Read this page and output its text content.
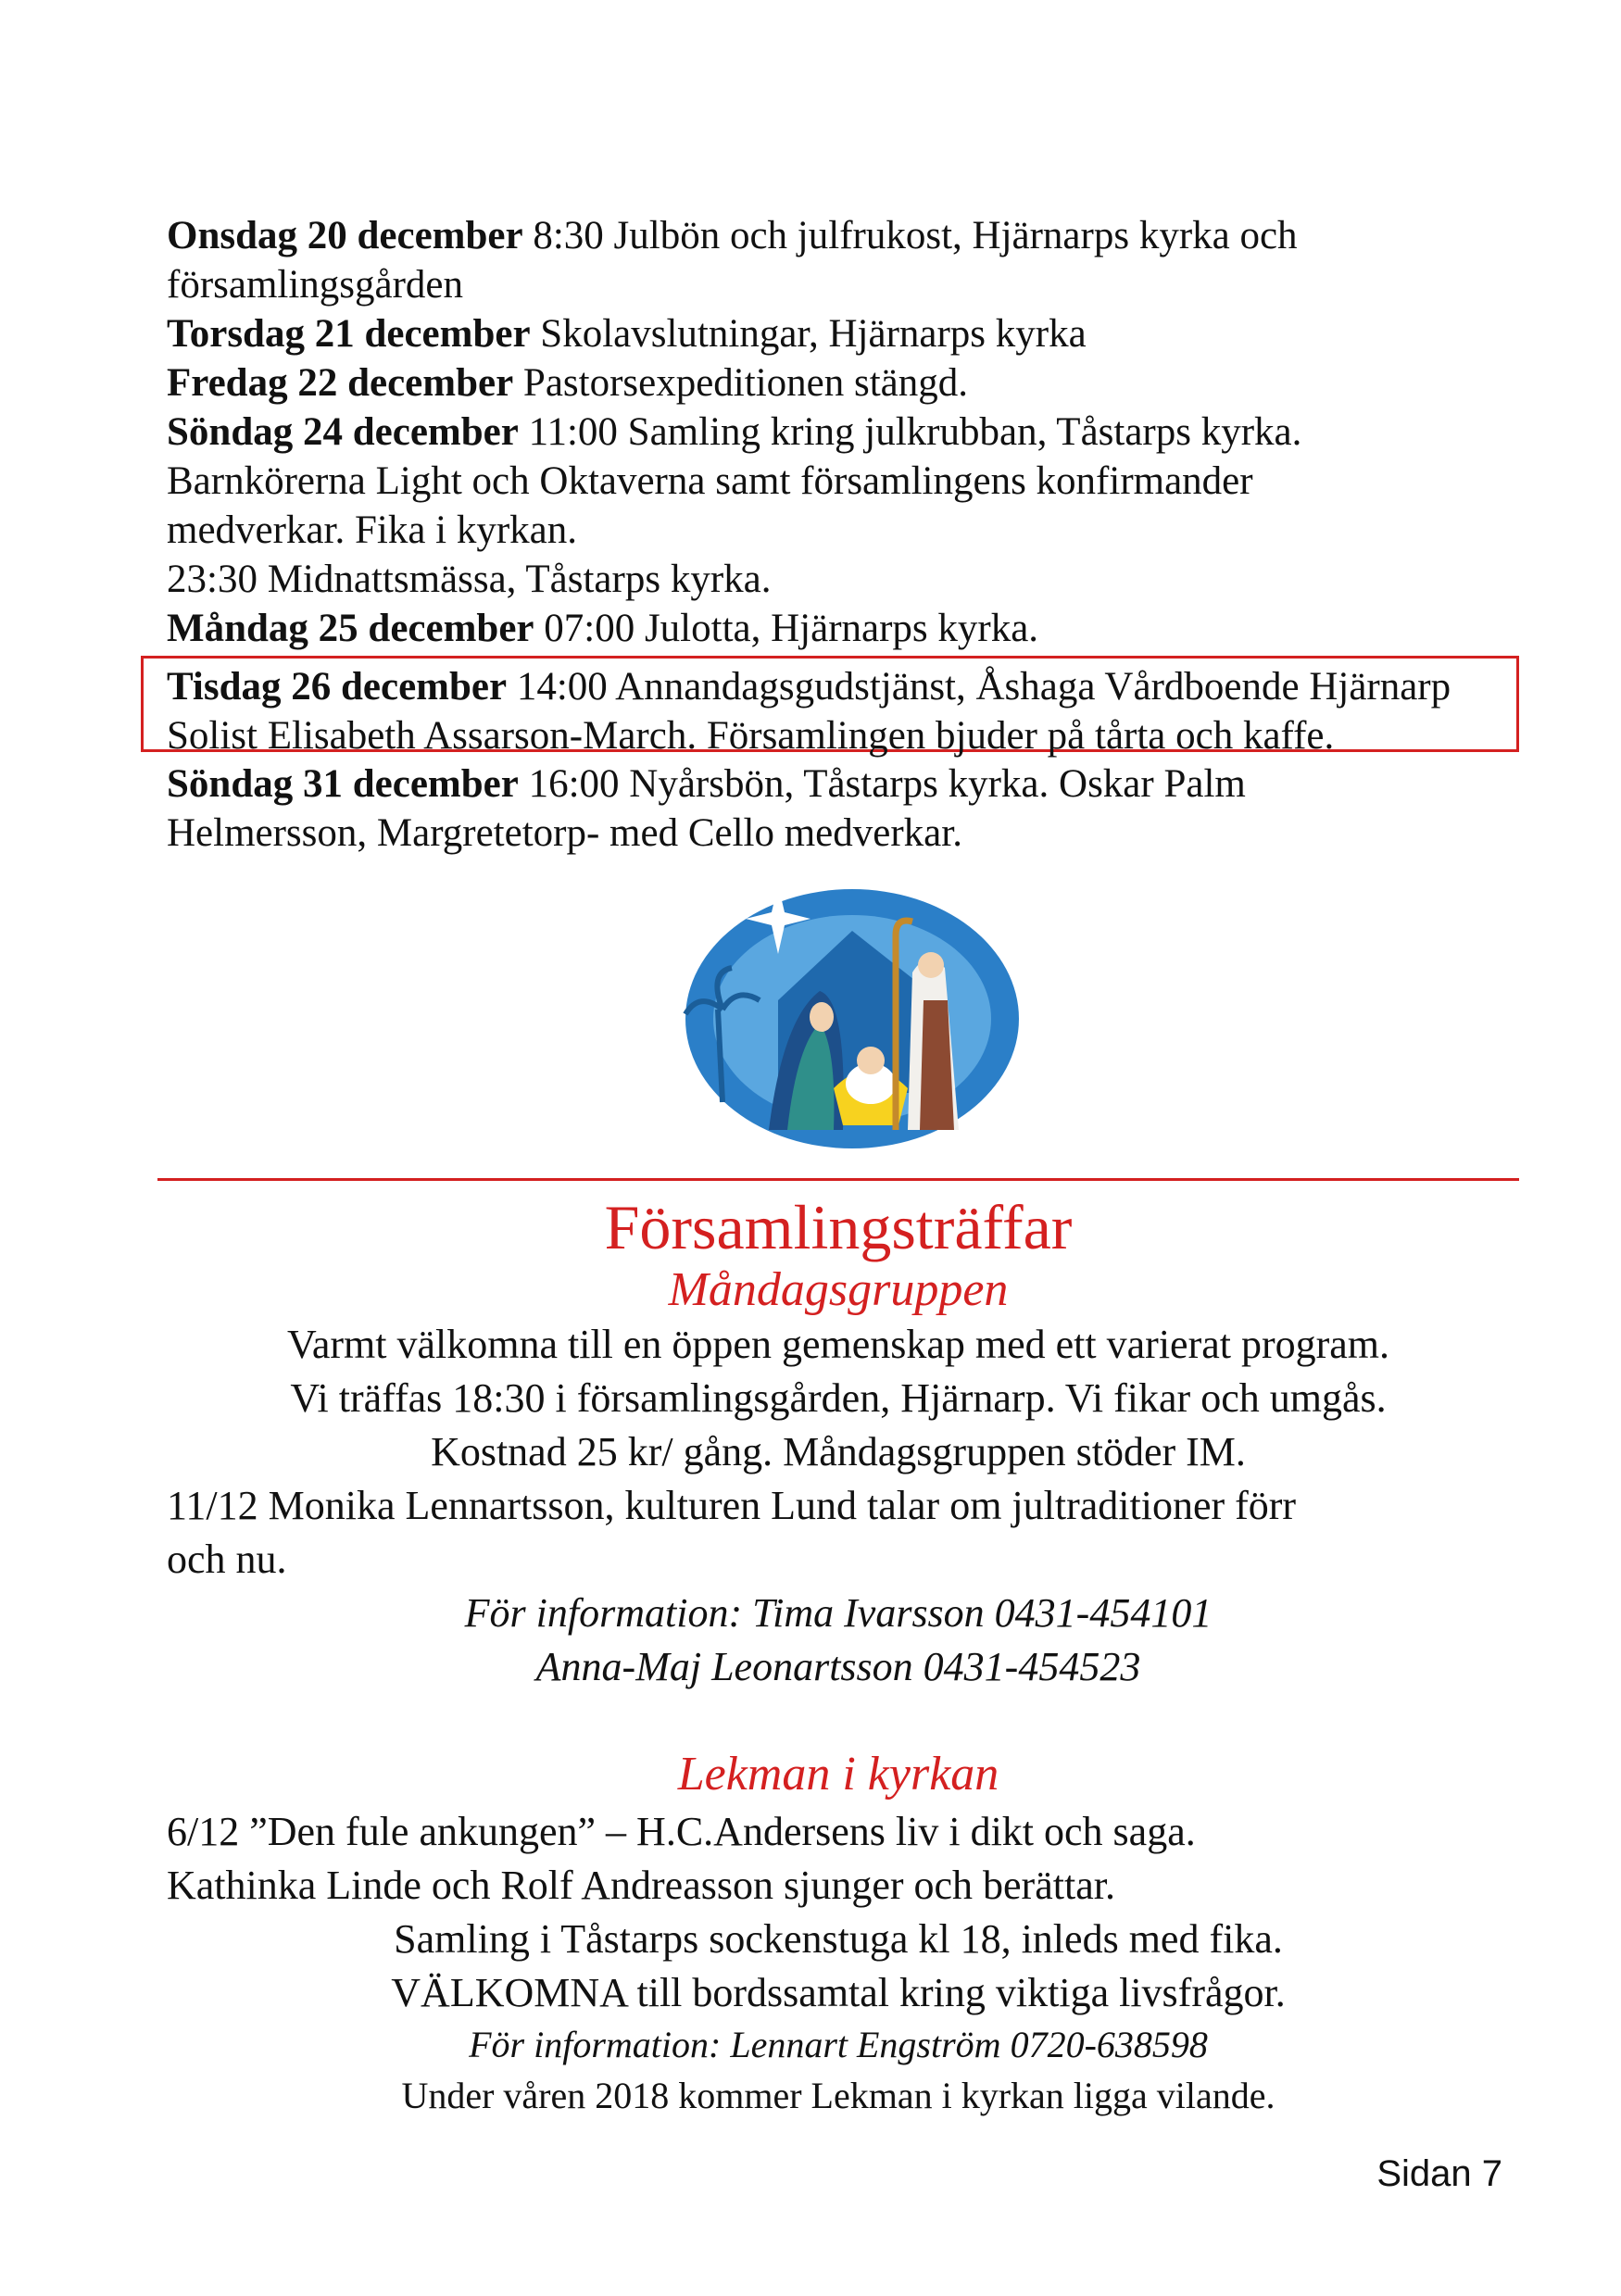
Onsdag 20 december 8:30 Julbön och julfrukost, Hjärnarps kyrka och
församlingsgården
Torsdag 21 december Skolavslutningar, Hjärnarps kyrka
Fredag 22 december Pastorsexpeditionen stängd.
Söndag 24 december 11:00 Samling kring julkrubban, Tåstarps kyrka.
Barnkörerna Light och Oktaverna samt församlingens konfirmander
medverkar. Fika i kyrkan.
23:30 Midnattsmässa, Tåstarps kyrka.
Måndag 25 december 07:00 Julotta, Hjärnarps kyrka.
Tisdag 26 december 14:00 Annandagsgudstjänst, Åshaga Vårdboende Hjärnarp
Solist Elisabeth Assarson-March. Församlingen bjuder på tårta och kaffe.
Söndag 31 december 16:00 Nyårsbön, Tåstarps kyrka. Oskar Palm
Helmersson, Margretetorp- med Cello medverkar.
Församlingsträffar
Måndagsgruppen
Varmt välkomna till en öppen gemenskap med ett varierat program.
Vi träffas 18:30 i församlingsgården, Hjärnarp. Vi fikar och umgås.
Kostnad 25 kr/ gång. Måndagsgruppen stöder IM.
11/12 Monika Lennartsson, kulturen Lund talar om jultraditioner förr
och nu.
För information: Tima Ivarsson 0431-454101
Anna-Maj Leonartsson 0431-454523
Lekman i kyrkan
6/12 ”Den fule ankungen” – H.C.Andersens liv i dikt och saga.
Kathinka Linde och Rolf Andreasson sjunger och berättar.
Samling i Tåstarps sockenstuga kl 18, inleds med fika.
VÄLKOMNA till bordssamtal kring viktiga livsfrågor.
För information: Lennart Engström 0720-638598
Under våren 2018 kommer Lekman i kyrkan ligga vilande.
Sidan 7
